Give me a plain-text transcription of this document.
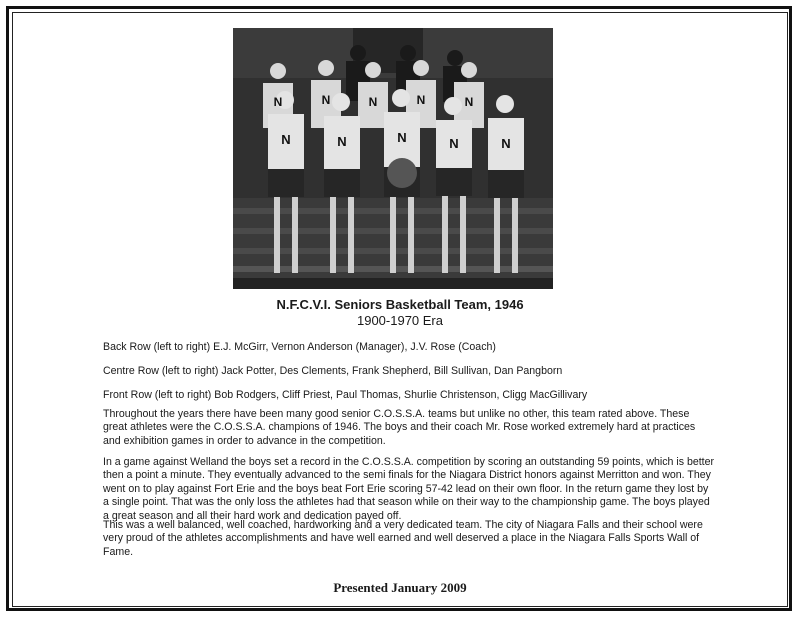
N	N	N	N	N
N	N	N	N	N
N.F.C.V.I. Seniors Basketball Team, 1946
1900-1970 Era
Back Row (left to right) E.J. McGirr, Vernon Anderson (Manager), J.V. Rose (Coach)
Centre Row (left to right) Jack Potter, Des Clements, Frank Shepherd, Bill Sullivan, Dan Pangborn
Front Row (left to right) Bob Rodgers, Cliff Priest, Paul Thomas, Shurlie Christenson, Cligg MacGillivary

Throughout the years there have been many good senior C.O.S.S.A. teams but unlike no other, this team rated above. These great athletes were the C.O.S.S.A. champions of 1946. The boys and their coach Mr. Rose worked extremely hard at practices and exhibition games in order to advance in the competition.

In a game against Welland the boys set a record in the C.O.S.S.A. competition by scoring an outstanding 59 points, which is better then a point a minute. They eventually advanced to the semi finals for the Niagara District honors against Merritton and won. They went on to play against Fort Erie and the boys beat Fort Erie scoring 57-42 lead on their own floor. In the return game they lost by a single point. That was the only loss the athletes had that season while on their way to the championship game. The boys played a great season and all their hard work and dedication payed off.

This was a well balanced, well coached, hardworking and a very dedicated team. The city of Niagara Falls and their school were very proud of the athletes accomplishments and have well earned and well deserved a place in the Niagara Falls Sports Wall of Fame.

Presented January 2009
